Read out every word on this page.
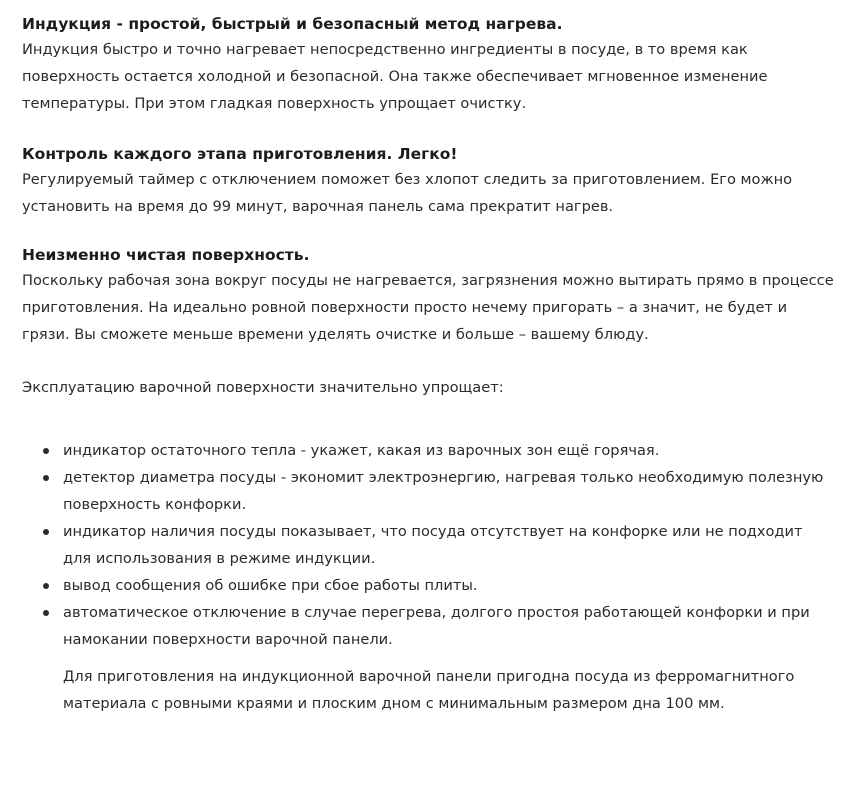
Индукция - простой, быстрый и безопасный метод нагрева.

Индукция быстро и точно нагревает непосредственно ингредиенты в посуде, в то время как поверхность остается холодной и безопасной. Она также обеспечивает мгновенное изменение температуры. При этом гладкая поверхность упрощает очистку.

Контроль каждого этапа приготовления. Легко!

Регулируемый таймер с отключением поможет без хлопот следить за приготовлением. Его можно установить на время до 99 минут, варочная панель сама прекратит нагрев.

Неизменно чистая поверхность.

Поскольку рабочая зона вокруг посуды не нагревается, загрязнения можно вытирать прямо в процессе приготовления. На идеально ровной поверхности просто нечему пригорать – а значит, не будет и грязи. Вы сможете меньше времени уделять очистке и больше – вашему блюду.

Эксплуатацию варочной поверхности значительно упрощает:

индикатор остаточного тепла - укажет, какая из варочных зон ещё горячая.
детектор диаметра посуды - экономит электроэнергию, нагревая только необходимую полезную поверхность конфорки.
индикатор наличия посуды показывает, что посуда отсутствует на конфорке или не подходит для использования в режиме индукции.
вывод сообщения об ошибке при сбое работы плиты.
автоматическое отключение в случае перегрева, долгого простоя работающей конфорки и при намокании поверхности варочной панели.

Для приготовления на индукционной варочной панели пригодна посуда из ферромагнитного материала с ровными краями и плоским дном с минимальным размером дна 100 мм.
